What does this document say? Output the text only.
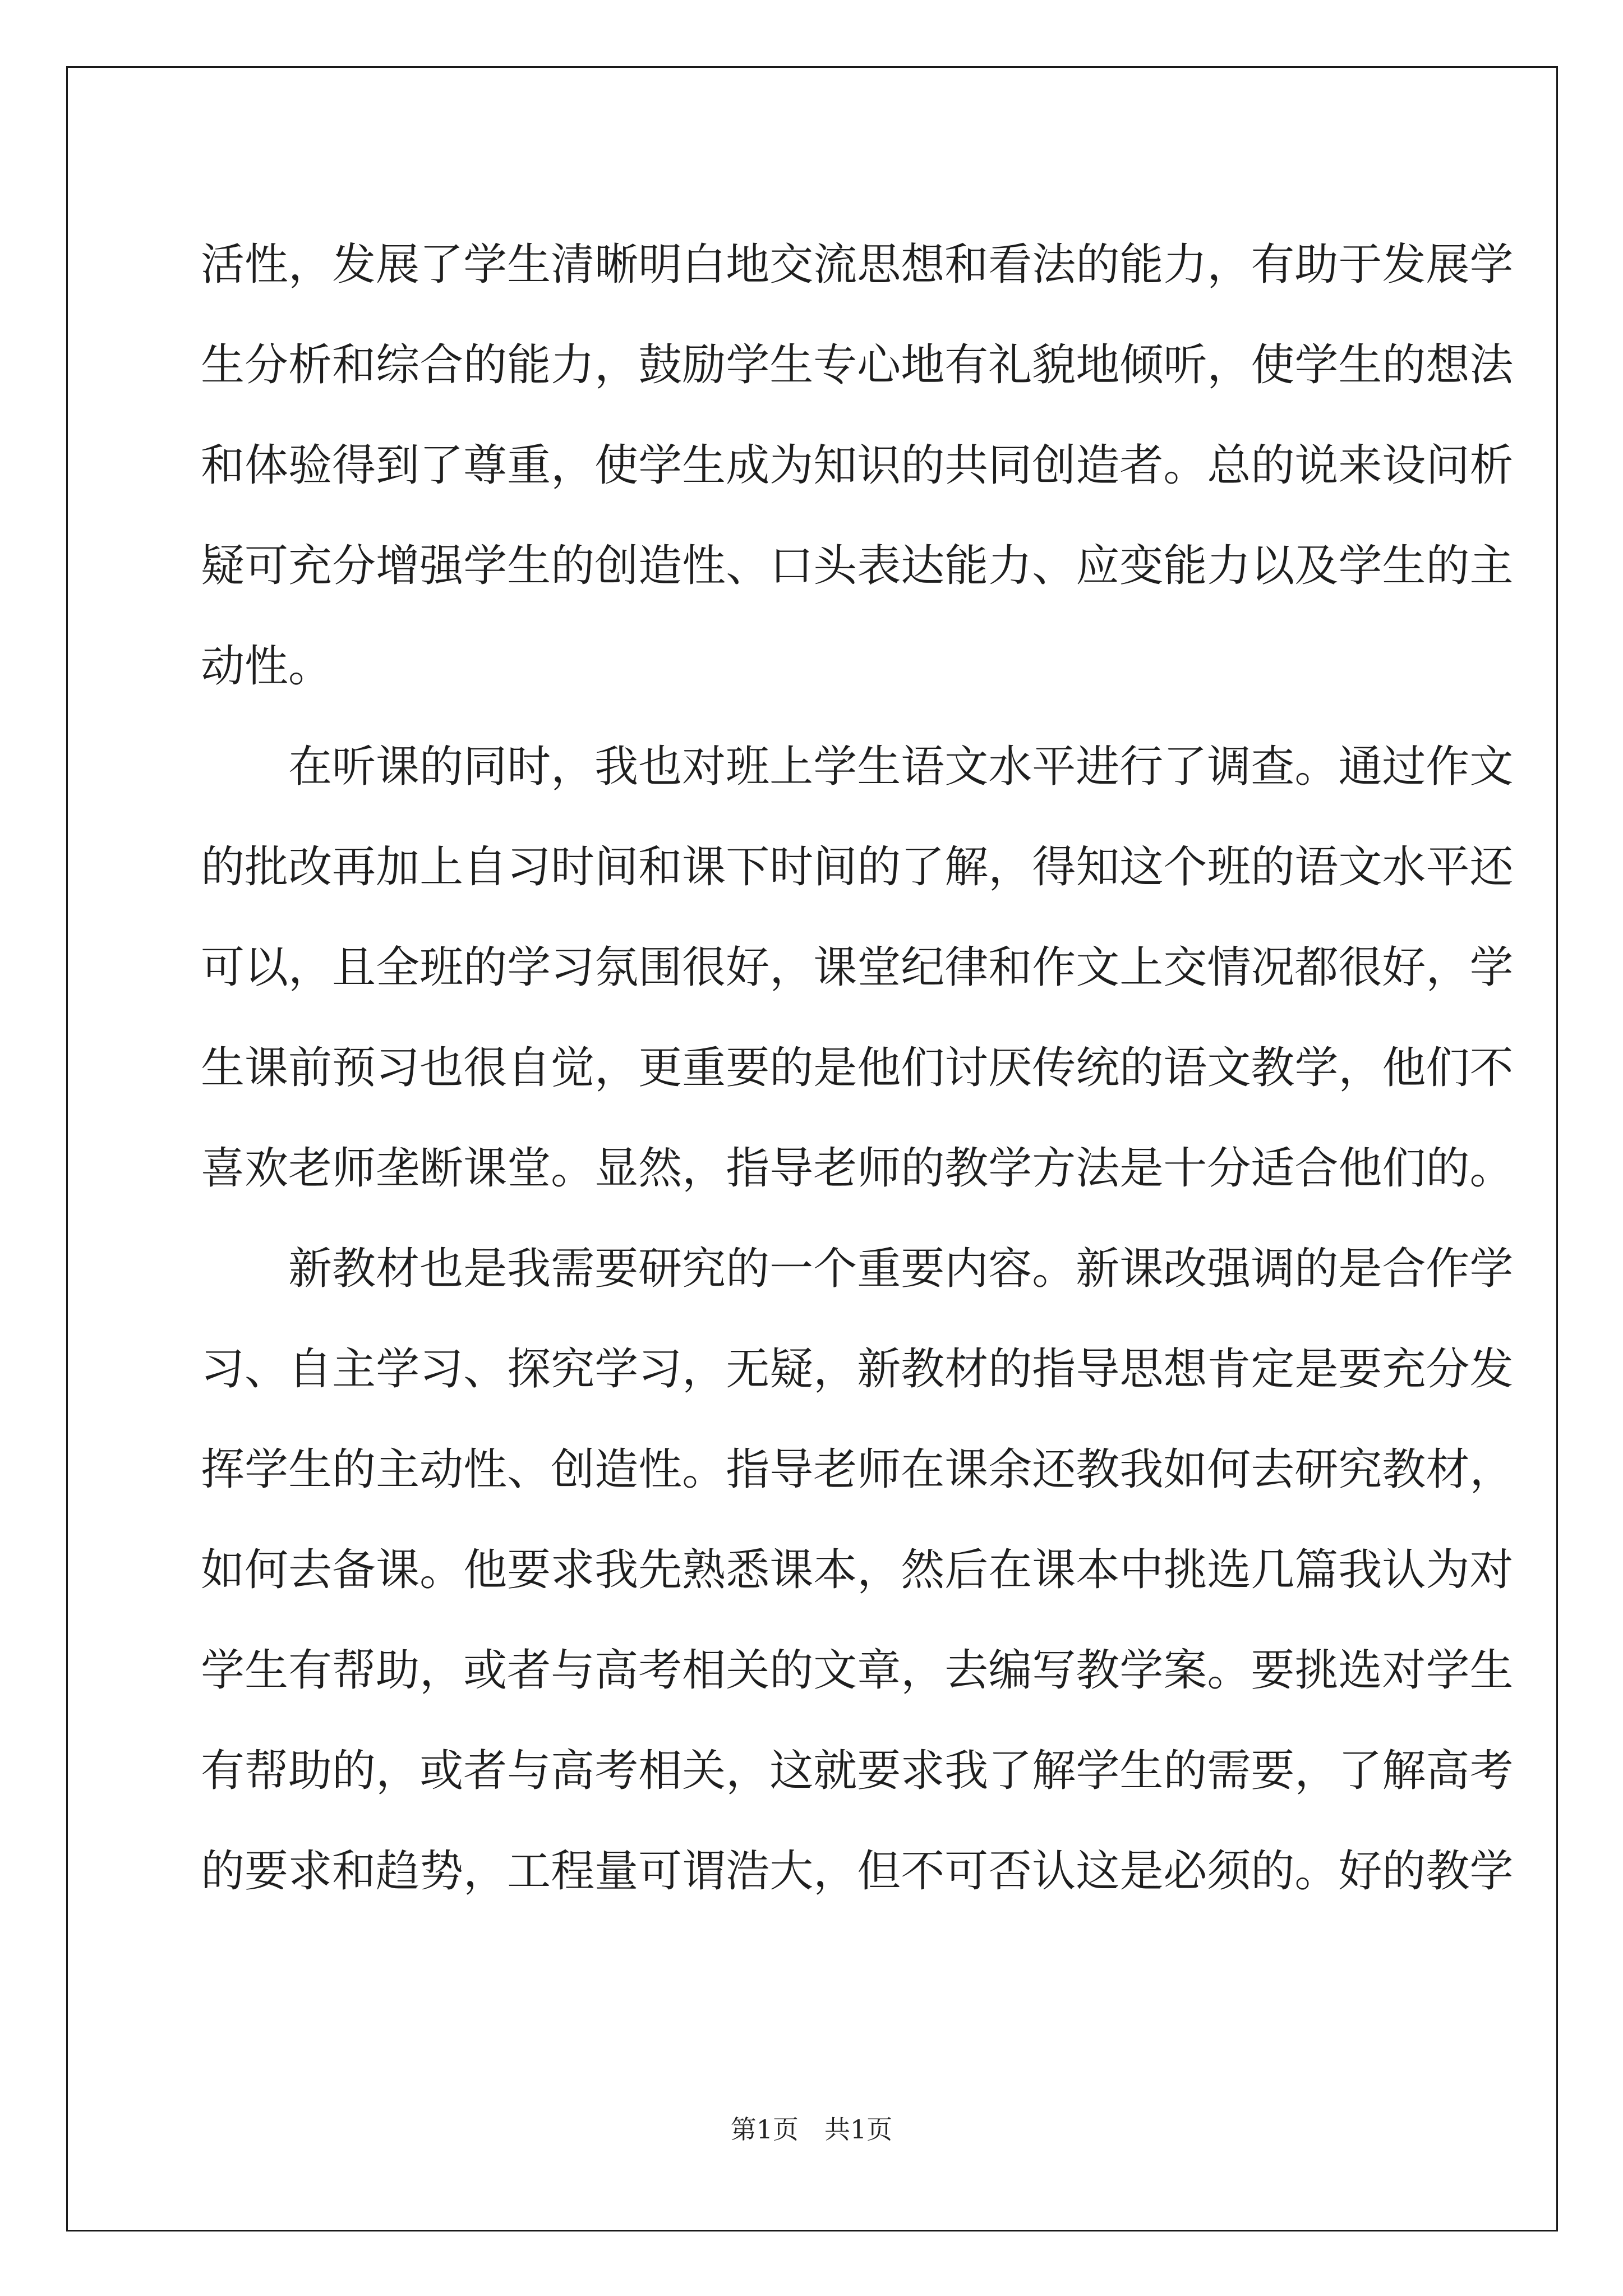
活 性 ， 发 展 了 学 生 清 晰 明 白 地 交 流 思 想 和 看 法 的 能 力 ， 有 助 于 发 展 学
生 分 析 和 综 合 的 能 力 ， 鼓 励 学 生 专 心 地 有 礼 貌 地 倾 听 ， 使 学 生 的 想 法
和 体 验 得 到 了 尊 重 ， 使 学 生 成 为 知 识 的 共 同 创 造 者 。 总 的 说 来 设 问 析
疑 可 充 分 增 强 学 生 的 创 造 性 、 口 头 表 达 能 力 、 应 变 能 力 以 及 学 生 的 主
动性。
在 听 课 的 同 时 ， 我 也 对 班 上 学 生 语 文 水 平 进 行 了 调 查 。 通 过 作 文
的 批 改 再 加 上 自 习 时 间 和 课 下 时 间 的 了 解 ， 得 知 这 个 班 的 语 文 水 平 还
可 以 ， 且 全 班 的 学 习 氛 围 很 好 ， 课 堂 纪 律 和 作 文 上 交 情 况 都 很 好 ， 学
生 课 前 预 习 也 很 自 觉 ， 更 重 要 的 是 他 们 讨 厌 传 统 的 语 文 教 学 ， 他 们 不
喜 欢 老 师 垄 断 课 堂 。 显 然 ， 指 导 老 师 的 教 学 方 法 是 十 分 适 合 他 们 的 。
新 教 材 也 是 我 需 要 研 究 的 一 个 重 要 内 容 。 新 课 改 强 调 的 是 合 作 学
习 、 自 主 学 习 、 探 究 学 习 ， 无 疑 ， 新 教 材 的 指 导 思 想 肯 定 是 要 充 分 发
挥 学 生 的 主 动 性 、 创 造 性 。 指 导 老 师 在 课 余 还 教 我 如 何 去 研 究 教 材 ，
如 何 去 备 课 。 他 要 求 我 先 熟 悉 课 本 ， 然 后 在 课 本 中 挑 选 几 篇 我 认 为 对
学 生 有 帮 助 ， 或 者 与 高 考 相 关 的 文 章 ， 去 编 写 教 学 案 。 要 挑 选 对 学 生
有 帮 助 的 ， 或 者 与 高 考 相 关 ， 这 就 要 求 我 了 解 学 生 的 需 要 ， 了 解 高 考
的 要 求 和 趋 势 ， 工 程 量 可 谓 浩 大 ， 但 不 可 否 认 这 是 必 须 的 。 好 的 教 学
第1页　共1页
